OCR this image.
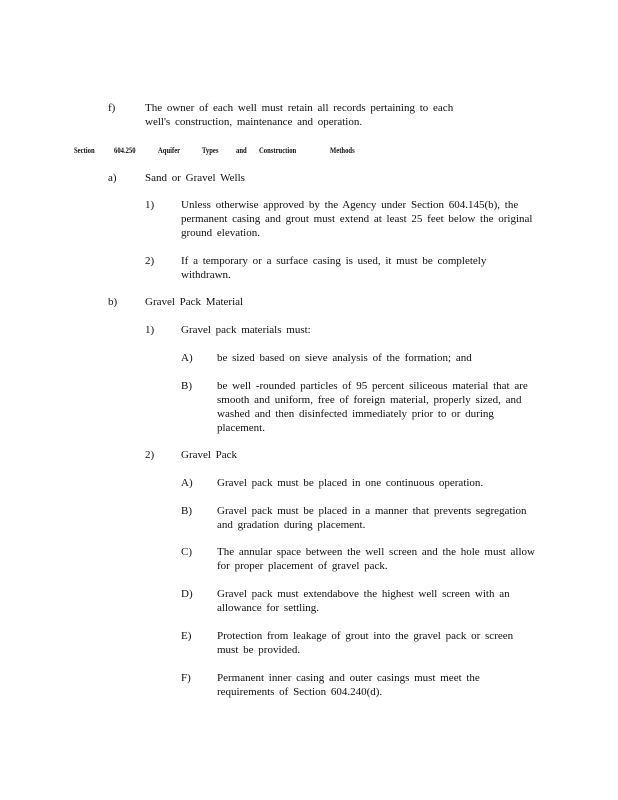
f)	The owner of each well must retain all records pertaining to each well's construction, maintenance and operation.
Section 604.250	Aquifer	Types and Construction	Methods
a)	Sand or Gravel Wells
1) Unless otherwise approved by the Agency under Section 604.145(b), the permanent casing and grout must extend at least 25 feet below the original ground elevation.
2) If a temporary or a surface casing is used, it must be completely withdrawn.
b)	Gravel Pack Material
1) Gravel pack materials must:
A) be sized based on sieve analysis of the formation; and
B) be well -rounded particles of 95 percent siliceous material that are smooth and uniform, free of foreign material, properly sized, and washed and then disinfected immediately prior to or during placement.
2) Gravel Pack
A) Gravel pack must be placed in one continuous operation.
B) Gravel pack must be placed in a manner that prevents segregation and gradation during placement.
C) The annular space between the well screen and the hole must allow for proper placement of gravel pack.
D) Gravel pack must extendabove the highest well screen with an allowance for settling.
E) Protection from leakage of grout into the gravel pack or screen must be provided.
F) Permanent inner casing and outer casings must meet the requirements of Section 604.240(d).
